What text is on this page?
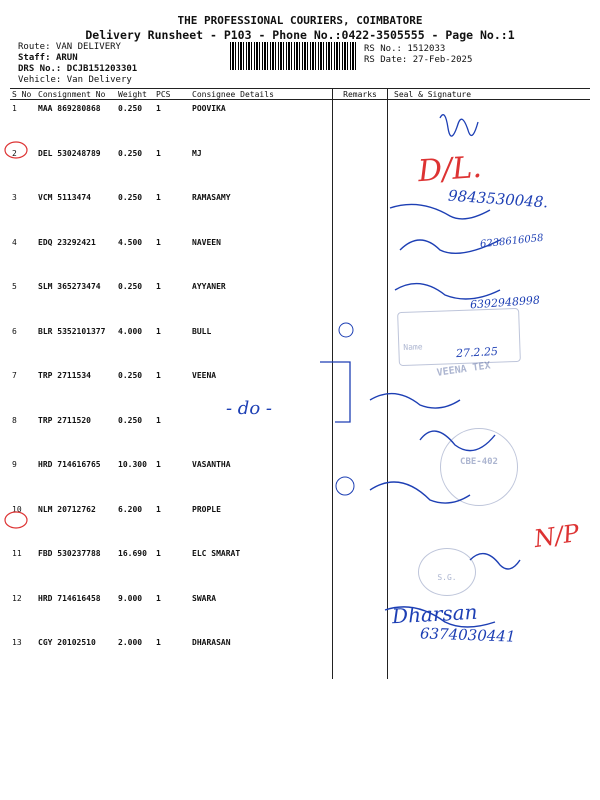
THE PROFESSIONAL COURIERS, COIMBATORE
Delivery Runsheet - P103 - Phone No.:0422-3505555 - Page No.:1
Route: VAN DELIVERY
Staff: ARUN
DRS No.: DCJB151203301
Vehicle: Van Delivery
RS No.: 1512033
RS Date: 27-Feb-2025
S No	Consignment No	Weight	PCS	Consignee Details	Remarks	Seal & Signature
1	MAA 869280868	0.250	1	POOVIKA		
2	DEL 530248789	0.250	1	MJ		
3	VCM 5113474	0.250	1	RAMASAMY		
4	EDQ 23292421	4.500	1	NAVEEN		
5	SLM 365273474	0.250	1	AYYANER		
6	BLR 5352101377	4.000	1	BULL		
7	TRP 2711534	0.250	1	VEENA		
8	TRP 2711520	0.250	1			
9	HRD 714616765	10.300	1	VASANTHA		
10	NLM 20712762	6.200	1	PROPLE		
11	FBD 530237788	16.690	1	ELC SMARAT		
12	HRD 714616458	9.000	1	SWARA		
13	CGY 20102510	2.000	1	DHARASAN		
D/L.
9843530048.
6238616058
6392948998
- do -
N/P
27.2.25
Dharsan
6374030441
Name
VEENA TEX
CBE-402
S.G.
